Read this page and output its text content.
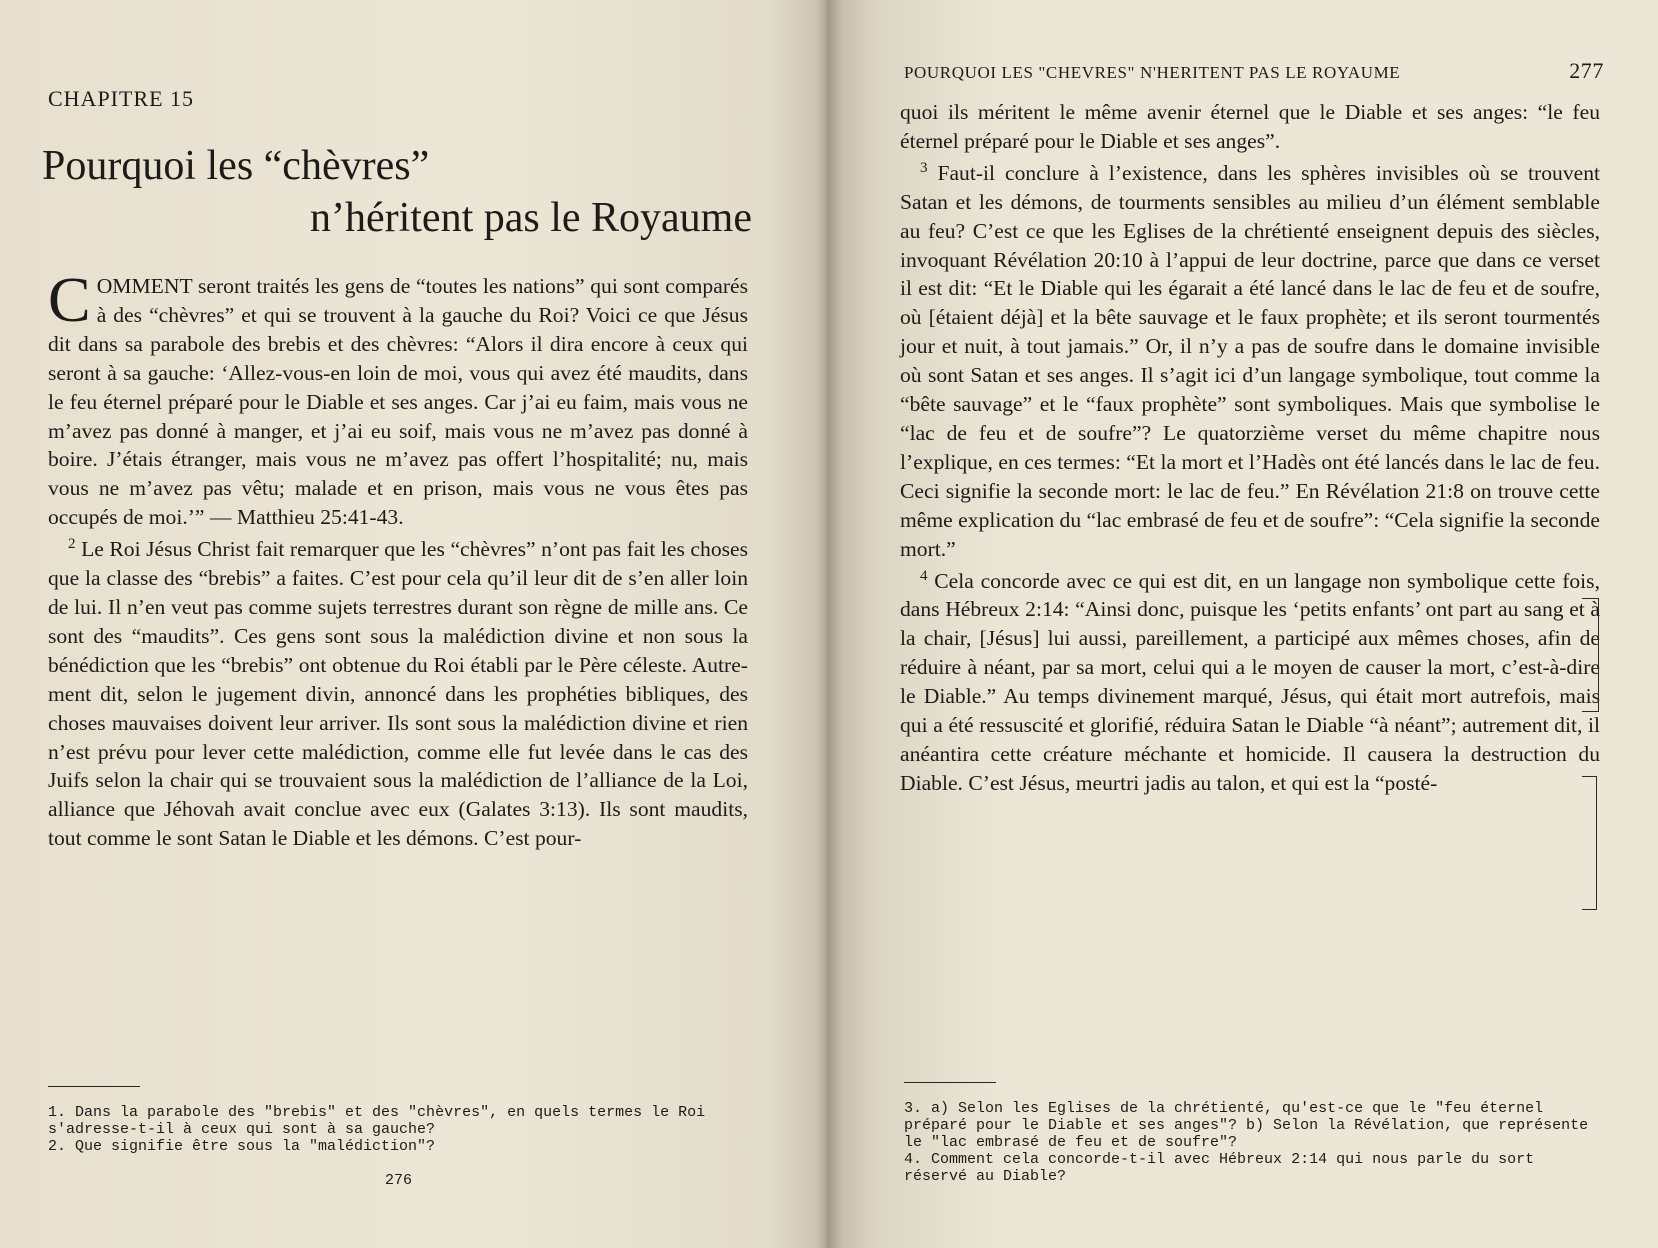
CHAPITRE 15
Pourquoi les “chèvres”
n’héritent pas le Royaume

COMMENT seront traités les gens de “toutes les nations” qui sont comparés à des “chèvres” et qui se trouvent à la gauche du Roi? Voici ce que Jésus dit dans sa parabole des brebis et des chèvres: “Alors il dira encore à ceux qui seront à sa gauche: ‘Allez-vous-en loin de moi, vous qui avez été maudits, dans le feu éternel préparé pour le Diable et ses anges. Car j’ai eu faim, mais vous ne m’avez pas donné à manger, et j’ai eu soif, mais vous ne m’avez pas donné à boire. J’étais étranger, mais vous ne m’avez pas offert l’hospitalité; nu, mais vous ne m’avez pas vêtu; malade et en prison, mais vous ne vous êtes pas occupés de moi.’” — Matthieu 25:41-43.

$^2$ Le Roi Jésus Christ fait remarquer que les “chèvres” n’ont pas fait les choses que la classe des “brebis” a faites. C’est pour cela qu’il leur dit de s’en aller loin de lui. Il n’en veut pas comme sujets terrestres durant son règne de mille ans. Ce sont des “maudits”. Ces gens sont sous la malédiction divine et non sous la bénédiction que les “brebis” ont obtenue du Roi établi par le Père céleste. Autrement dit, selon le jugement divin, annoncé dans les prophéties bibliques, des choses mauvaises doivent leur arriver. Ils sont sous la malédiction divine et rien n’est prévu pour lever cette malédiction, comme elle fut levée dans le cas des Juifs selon la chair qui se trouvaient sous la malédiction de l’alliance de la Loi, alliance que Jéhovah avait conclue avec eux (Galates 3:13). Ils sont maudits, tout comme le sont Satan le Diable et les démons. C’est pour-

1. Dans la parabole des "brebis" et des "chèvres", en quels termes le Roi s'adresse-t-il à ceux qui sont à sa gauche?
2. Que signifie être sous la "malédiction"?
276
POURQUOI LES "CHEVRES" N'HERITENT PAS LE ROYAUME	277

quoi ils méritent le même avenir éternel que le Diable et ses anges: “le feu éternel préparé pour le Diable et ses anges”.

$^3$ Faut-il conclure à l’existence, dans les sphères invisibles où se trouvent Satan et les démons, de tourments sensibles au milieu d’un élément semblable au feu? C’est ce que les Eglises de la chrétienté enseignent depuis des siècles, invoquant Révélation 20:10 à l’appui de leur doctrine, parce que dans ce verset il est dit: “Et le Diable qui les égarait a été lancé dans le lac de feu et de soufre, où [étaient déjà] et la bête sauvage et le faux prophète; et ils seront tourmentés jour et nuit, à tout jamais.” Or, il n’y a pas de soufre dans le domaine invisible où sont Satan et ses anges. Il s’agit ici d’un langage symbolique, tout comme la “bête sauvage” et le “faux prophète” sont symboliques. Mais que symbolise le “lac de feu et de soufre”? Le quatorzième verset du même chapitre nous l’explique, en ces termes: “Et la mort et l’Hadès ont été lancés dans le lac de feu. Ceci signifie la seconde mort: le lac de feu.” En Révélation 21:8 on trouve cette même explication du “lac embrasé de feu et de soufre”: “Cela signifie la seconde mort.”

$^4$ Cela concorde avec ce qui est dit, en un langage non symbolique cette fois, dans Hébreux 2:14: “Ainsi donc, puisque les ‘petits enfants’ ont part au sang et à la chair, [Jésus] lui aussi, pareillement, a participé aux mêmes choses, afin de réduire à néant, par sa mort, celui qui a le moyen de causer la mort, c’est-à-dire le Diable.” Au temps divinement marqué, Jésus, qui était mort autrefois, mais qui a été ressuscité et glorifié, réduira Satan le Diable “à néant”; autrement dit, il anéantira cette créature méchante et homicide. Il causera la destruction du Diable. C’est Jésus, meurtri jadis au talon, et qui est la “posté-

3. a) Selon les Eglises de la chrétienté, qu'est-ce que le "feu éternel préparé pour le Diable et ses anges"? b) Selon la Révélation, que représente le "lac embrasé de feu et de soufre"?
4. Comment cela concorde-t-il avec Hébreux 2:14 qui nous parle du sort réservé au Diable?
